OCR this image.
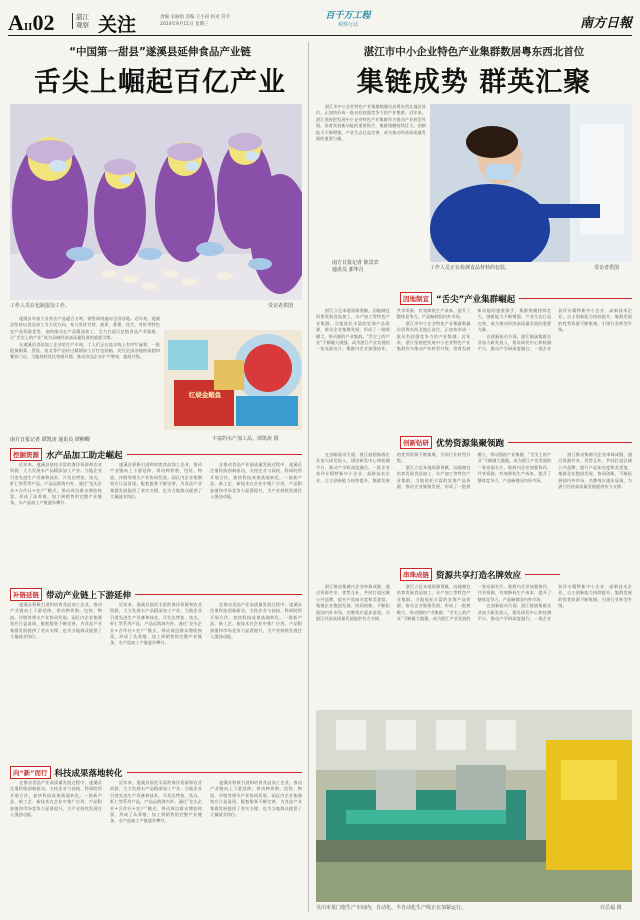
AII02	湛江
观察 关注	责编 吴丽娟 美编 王小昂 校对 符平
2024年9月11日 星期三
百千万工程
观察行动	南方日報
“中国第一甜县”遂溪县延伸食品产业链
舌尖上崛起百亿产业
工作人员在包制蛋饺工作。	受访者供图

遂溪县年加工各类农产品逾百万吨，销售网络遍布全国各地。近年来，遂溪县坚持以食品加工为主攻方向，充分发挥甘蔗、菠萝、番薯、花生、对虾等特色农产品资源优势，加快推动农产品精深加工，全力打造百亿级食品产业集群，让“舌尖上的产业”成为县域经济高质量发展的重要引擎。

在遂溪县食品加工企业的生产车间，工人们正在流水线上有序忙碌着，一批批预制菜、蛋饺、鱼丸等产品经过精细加工后打包装箱，发往全国各地的商超和餐饮门店。当地持续优化营商环境，推动食品企业扩产增效、提质升级。

南方日报记者 谭凯涛 通讯员 谭柳卿
红烧金鲳鱼
丰富的水产加工品。谭凯涛 摄
挖掘资源 水产品加工助走崛起

近年来，遂溪县依托丰富的海洋资源和农业资源，大力发展水产品精深加工产业。当地企业引进先进生产设备和技术，开发出烤鱼、鱼丸、虾仁等系列产品，产品远销海内外。通过“龙头企业+合作社+农户”模式，带动周边群众增收致富，形成了从养殖、加工到销售的完整产业链条，水产品加工产值逐年攀升。

遂溪县积极引进和培育食品加工企业，推动产业链向上下游延伸，带动种养殖、包装、物流、冷链等相关产业协同发展。园区内企业集聚效应日益显现，配套服务不断完善，为食品产业集群发展提供了坚实支撑，也为当地群众提供了大量就业岗位。

在推动食品产业高质量发展过程中，遂溪县注重科技创新驱动，支持企业与高校、科研院所开展合作，加快科技成果落地转化。一批新产品、新工艺、新技术在企业中推广应用，产品附加值和市场竞争力显著提升，为产业持续发展注入强劲动能。

补链延链 带动产业链上下游延伸

遂溪县积极引进和培育食品加工企业，推动产业链向上下游延伸，带动种养殖、包装、物流、冷链等相关产业协同发展。园区内企业集聚效应日益显现，配套服务不断完善，为食品产业集群发展提供了坚实支撑，也为当地群众提供了大量就业岗位。

近年来，遂溪县依托丰富的海洋资源和农业资源，大力发展水产品精深加工产业。当地企业引进先进生产设备和技术，开发出烤鱼、鱼丸、虾仁等系列产品，产品远销海内外。通过“龙头企业+合作社+农户”模式，带动周边群众增收致富，形成了从养殖、加工到销售的完整产业链条，水产品加工产值逐年攀升。

在推动食品产业高质量发展过程中，遂溪县注重科技创新驱动，支持企业与高校、科研院所开展合作，加快科技成果落地转化。一批新产品、新工艺、新技术在企业中推广应用，产品附加值和市场竞争力显著提升，为产业持续发展注入强劲动能。

向“新”而行 科技成果落地转化

在推动食品产业高质量发展过程中，遂溪县注重科技创新驱动，支持企业与高校、科研院所开展合作，加快科技成果落地转化。一批新产品、新工艺、新技术在企业中推广应用，产品附加值和市场竞争力显著提升，为产业持续发展注入强劲动能。

近年来，遂溪县依托丰富的海洋资源和农业资源，大力发展水产品精深加工产业。当地企业引进先进生产设备和技术，开发出烤鱼、鱼丸、虾仁等系列产品，产品远销海内外。通过“龙头企业+合作社+农户”模式，带动周边群众增收致富，形成了从养殖、加工到销售的完整产业链条，水产品加工产值逐年攀升。

遂溪县积极引进和培育食品加工企业，推动产业链向上下游延伸，带动种养殖、包装、物流、冷链等相关产业协同发展。园区内企业集聚效应日益显现，配套服务不断完善，为食品产业集群发展提供了坚实支撑，也为当地群众提供了大量就业岗位。

湛江市中小企业特色产业集群数居粤东西北首位
集链成势 群英汇聚

湛江市中小企业特色产业集群数量位居粤东西北地区首位，正加快形成一批具有较强竞争力的产业集群。近年来，湛江坚持把发展中小企业特色产业集群作为推动产业转型升级、培育发展新动能的重要抓手，集群规模持续壮大，创新能力不断增强，产业生态日益完善，成为推动经济高质量发展的重要力量。

南方日报记者 陈景宾
通讯员 郭华月	工作人员正在检测食品材料的包装。	受访者供图
因地制宜 “舌尖”产业集群崛起

湛江立足本地资源禀赋，因地制宜培育发展食品加工、水产加工等特色产业集群。当地依托丰富的农海产品资源，推动企业集聚发展，形成了一批规模大、带动强的产业集群，“舌尖上的产业”不断做大做强，成为湛江产业发展的一张亮丽名片。集群内企业加强协作，共享资源，有效降低生产成本，提升了整体竞争力，产品畅销国内外市场。

湛江市中小企业特色产业集群数量位居粤东西北地区首位，正加快形成一批具有较强竞争力的产业集群。近年来，湛江坚持把发展中小企业特色产业集群作为推动产业转型升级、培育发展新动能的重要抓手，集群规模持续壮大，创新能力不断增强，产业生态日益完善，成为推动经济高质量发展的重要力量。

在创新驱动方面，湛江鼓励集群企业加大研发投入，建设研发中心和检测平台，推动产学研深度融合。一批企业获评专精特新中小企业、高新技术企业，自主创新能力持续提升，集群发展的优势资源不断集聚，引领行业转型升级。

创新钻研 优势资源集聚领跑

在创新驱动方面，湛江鼓励集群企业加大研发投入，建设研发中心和检测平台，推动产学研深度融合。一批企业获评专精特新中小企业、高新技术企业，自主创新能力持续提升，集群发展的优势资源不断集聚，引领行业转型升级。

湛江立足本地资源禀赋，因地制宜培育发展食品加工、水产加工等特色产业集群。当地依托丰富的农海产品资源，推动企业集聚发展，形成了一批规模大、带动强的产业集群，“舌尖上的产业”不断做大做强，成为湛江产业发展的一张亮丽名片。集群内企业加强协作，共享资源，有效降低生产成本，提升了整体竞争力，产品畅销国内外市场。

湛江推动集群内企业串珠成链，通过资源共享、优势互补，共同打造区域公共品牌，提升产品知名度和美誉度。集群企业抱团发展、协同创新，不断拓展国内外市场，名牌效应逐步显现，为湛江经济高质量发展提供有力支撑。

串珠成链 资源共享打造名牌效应

湛江推动集群内企业串珠成链，通过资源共享、优势互补，共同打造区域公共品牌，提升产品知名度和美誉度。集群企业抱团发展、协同创新，不断拓展国内外市场，名牌效应逐步显现，为湛江经济高质量发展提供有力支撑。

湛江立足本地资源禀赋，因地制宜培育发展食品加工、水产加工等特色产业集群。当地依托丰富的农海产品资源，推动企业集聚发展，形成了一批规模大、带动强的产业集群，“舌尖上的产业”不断做大做强，成为湛江产业发展的一张亮丽名片。集群内企业加强协作，共享资源，有效降低生产成本，提升了整体竞争力，产品畅销国内外市场。

在创新驱动方面，湛江鼓励集群企业加大研发投入，建设研发中心和检测平台，推动产学研深度融合。一批企业获评专精特新中小企业、高新技术企业，自主创新能力持续提升，集群发展的优势资源不断集聚，引领行业转型升级。

吴川市某门窗生产车间内，自动化、半自动化生产线正在加紧运行。	许岳福 摄
